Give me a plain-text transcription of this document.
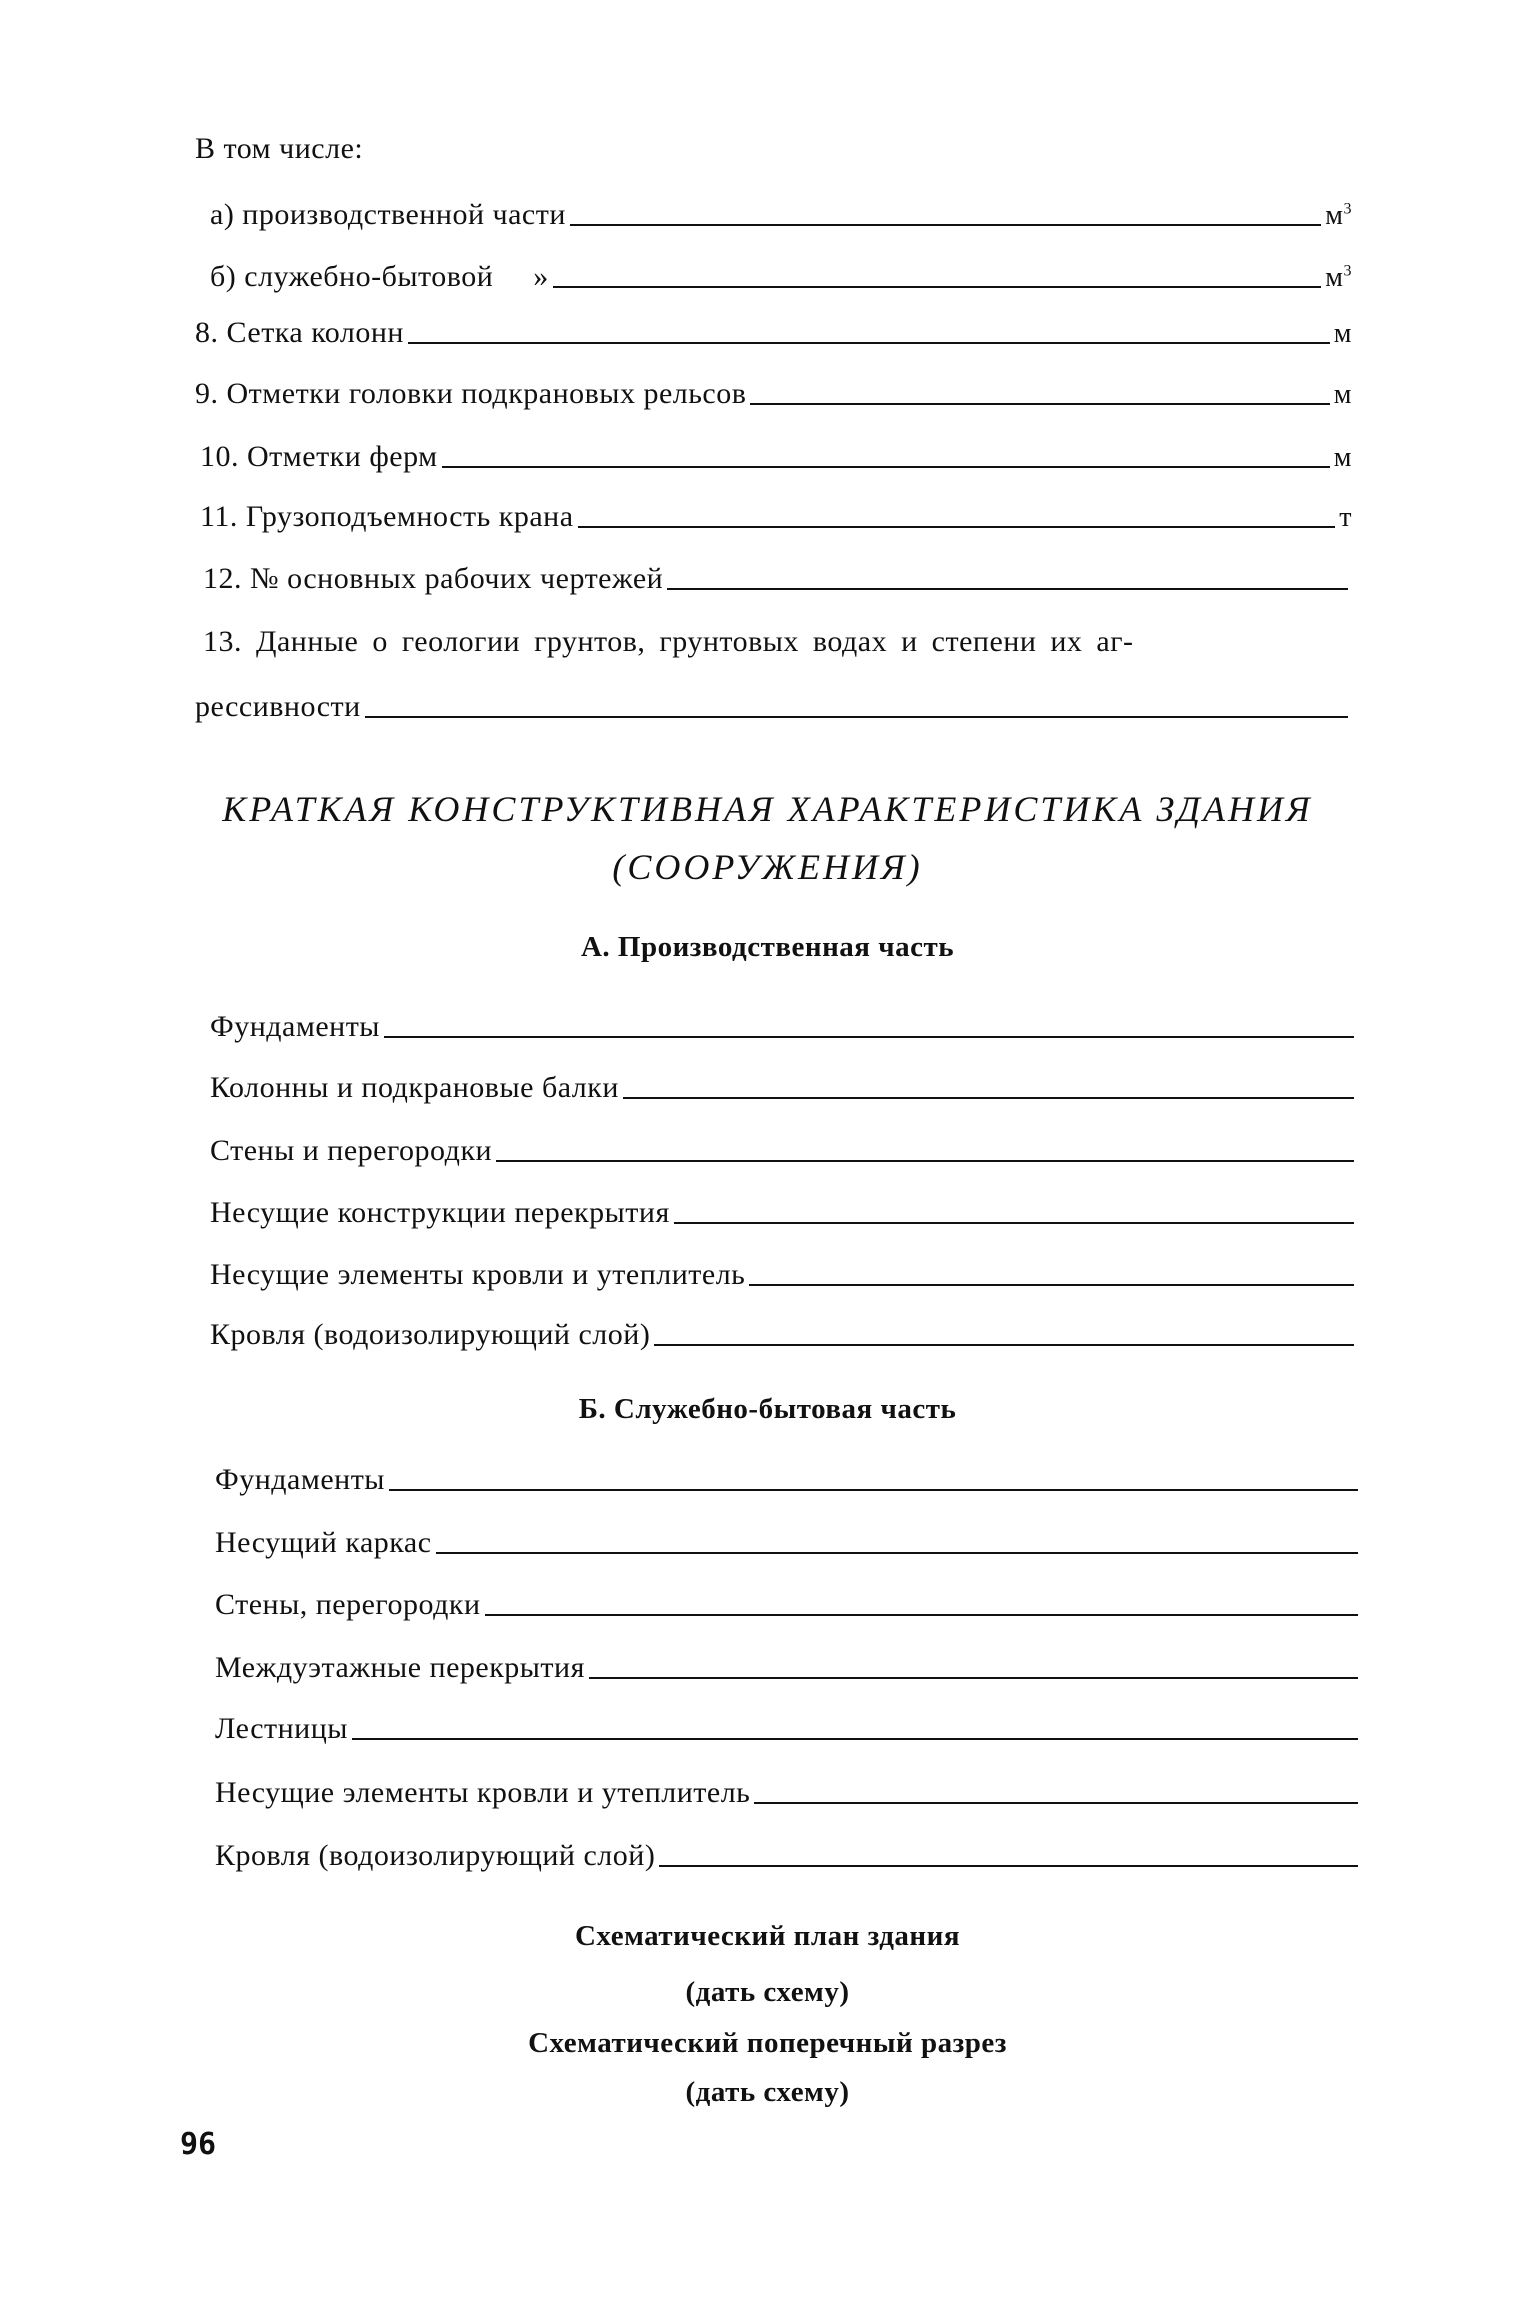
В том числе:
а) производственной части	$м^3$
б) служебно-бытовой     »	$м^3$
8. Сетка колонн	м
9. Отметки головки подкрановых рельсов	м
10. Отметки ферм	м
11. Грузоподъемность крана	т
12. № основных рабочих чертежей
13. Данные о геологии грунтов, грунтовых водах и степени их аг-
рессивности
КРАТКАЯ КОНСТРУКТИВНАЯ ХАРАКТЕРИСТИКА ЗДАНИЯ
(СООРУЖЕНИЯ)
А. Производственная часть
Фундаменты
Колонны и подкрановые балки
Стены и перегородки
Несущие конструкции перекрытия
Несущие элементы кровли и утеплитель
Кровля (водоизолирующий слой)
Б. Служебно-бытовая часть
Фундаменты
Несущий каркас
Стены, перегородки
Междуэтажные перекрытия
Лестницы
Несущие элементы кровли и утеплитель
Кровля (водоизолирующий слой)
Схематический план здания
(дать схему)
Схематический поперечный разрез
(дать схему)
96
